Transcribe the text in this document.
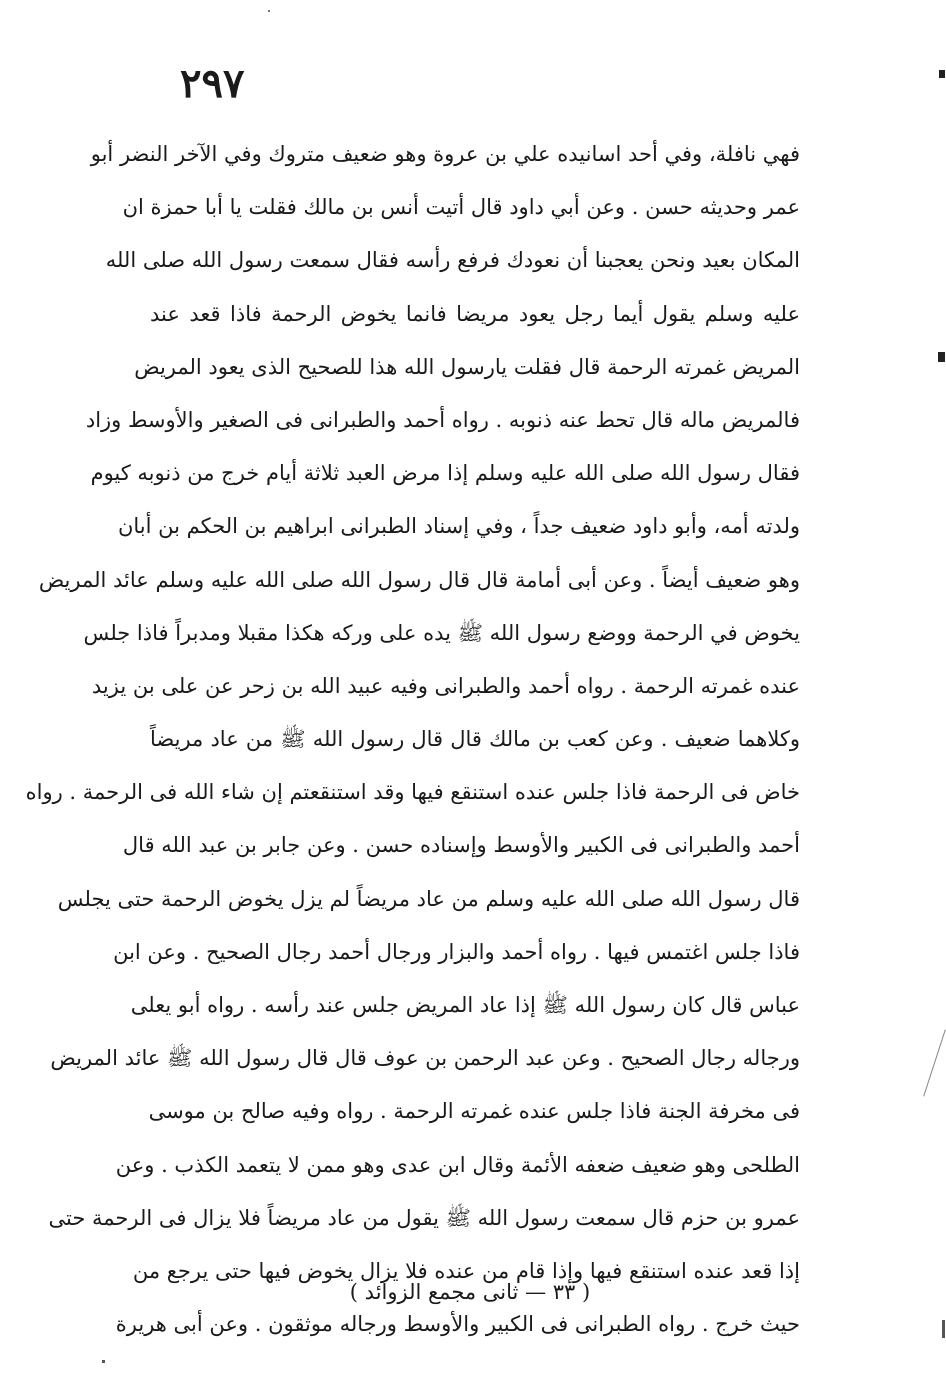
٢٩٧
فهي نافلة، وفي أحد اسانيده علي بن عروة وهو ضعيف متروك وفي الآخر النضر أبو
عمر وحديثه حسن . وعن أبي داود قال أتيت أنس بن مالك فقلت يا أبا حمزة ان
المكان بعيد ونحن يعجبنا أن نعودك فرفع رأسه فقال سمعت رسول الله صلى الله
عليه وسلم يقول أيما رجل يعود مريضا فانما يخوض الرحمة فاذا قعد عند
المريض غمرته الرحمة قال فقلت يارسول الله هذا للصحيح الذى يعود المريض
فالمريض ماله قال تحط عنه ذنوبه . رواه أحمد والطبرانى فى الصغير والأوسط وزاد
فقال رسول الله صلى الله عليه وسلم إذا مرض العبد ثلاثة أيام خرج من ذنوبه كيوم
ولدته أمه، وأبو داود ضعيف جداً ، وفي إسناد الطبرانى ابراهيم بن الحكم بن أبان
وهو ضعيف أيضاً . وعن أبى أمامة قال قال رسول الله صلى الله عليه وسلم عائد المريض
يخوض في الرحمة ووضع رسول الله ﷺ يده على وركه هكذا مقبلا ومدبراً فاذا جلس
عنده غمرته الرحمة . رواه أحمد والطبرانى وفيه عبيد الله بن زحر عن على بن يزيد
وكلاهما ضعيف . وعن كعب بن مالك قال قال رسول الله ﷺ من عاد مريضاً
خاض فى الرحمة فاذا جلس عنده استنقع فيها وقد استنقعتم إن شاء الله فى الرحمة . رواه
أحمد والطبرانى فى الكبير والأوسط وإسناده حسن . وعن جابر بن عبد الله قال
قال رسول الله صلى الله عليه وسلم من عاد مريضاً لم يزل يخوض الرحمة حتى يجلس
فاذا جلس اغتمس فيها . رواه أحمد والبزار ورجال أحمد رجال الصحيح . وعن ابن
عباس قال كان رسول الله ﷺ إذا عاد المريض جلس عند رأسه . رواه أبو يعلى
ورجاله رجال الصحيح . وعن عبد الرحمن بن عوف قال قال رسول الله ﷺ عائد المريض
فى مخرفة الجنة فاذا جلس عنده غمرته الرحمة . رواه وفيه صالح بن موسى
الطلحى وهو ضعيف ضعفه الأئمة وقال ابن عدى وهو ممن لا يتعمد الكذب . وعن
عمرو بن حزم قال سمعت رسول الله ﷺ يقول من عاد مريضاً فلا يزال فى الرحمة حتى
إذا قعد عنده استنقع فيها وإذا قام من عنده فلا يزال يخوض فيها حتى يرجع من
حيث خرج . رواه الطبرانى فى الكبير والأوسط ورجاله موثقون . وعن أبى هريرة
( ٣٣ — ثانى مجمع الزوائد )
